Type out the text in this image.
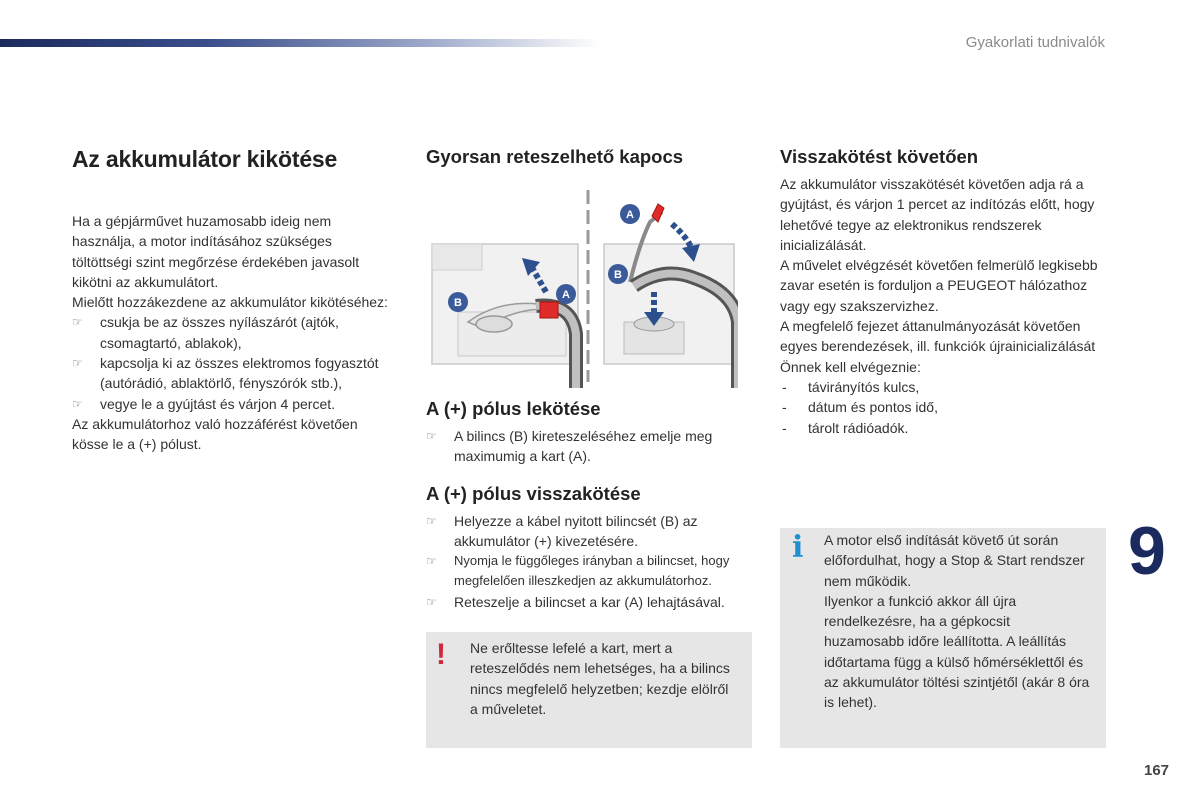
Gyakorlati tudnivalók
Az akkumulátor kikötése

Ha a gépjárművet huzamosabb ideig nem használja, a motor indításához szükséges töltöttségi szint megőrzése érdekében javasolt kikötni az akkumulátort.

Mielőtt hozzákezdene az akkumulátor kikötéséhez:

☞ csukja be az összes nyílászárót (ajtók, csomagtartó, ablakok),
☞ kapcsolja ki az összes elektromos fogyasztót (autórádió, ablaktörlő, fényszórók stb.),
☞ vegye le a gyújtást és várjon 4 percet.

Az akkumulátorhoz való hozzáférést követően kösse le a (+) pólust.

Gyorsan reteszelhető kapocs
B
A
A
B
A (+) pólus lekötése
☞ A bilincs (B) kireteszeléséhez emelje meg maximumig a kart (A).
A (+) pólus visszakötése
☞ Helyezze a kábel nyitott bilincsét (B) az akkumulátor (+) kivezetésére.
☞ Nyomja le függőleges irányban a bilincset, hogy megfelelően illeszkedjen az akkumulátorhoz.
☞ Reteszelje a bilincset a kar (A) lehajtásával.
! Ne erőltesse lefelé a kart, mert a reteszelődés nem lehetséges, ha a bilincs nincs megfelelő helyzetben; kezdje elölről a műveletet.

Visszakötést követően

Az akkumulátor visszakötését követően adja rá a gyújtást, és várjon 1 percet az indítózás előtt, hogy lehetővé tegye az elektronikus rendszerek inicializálását.

A művelet elvégzését követően felmerülő legkisebb zavar esetén is forduljon a PEUGEOT hálózathoz vagy egy szakszervizhez.

A megfelelő fejezet áttanulmányozását követően egyes berendezések, ill. funkciók újrainicializálását Önnek kell elvégeznie:

- távirányítós kulcs,
- dátum és pontos idő,
- tárolt rádióadók.
i A motor első indítását követő út során előfordulhat, hogy a Stop & Start rendszer nem működik.

Ilyenkor a funkció akkor áll újra rendelkezésre, ha a gépkocsit huzamosabb időre leállította. A leállítás időtartama függ a külső hőmérséklettől és az akkumulátor töltési szintjétől (akár 8 óra is lehet).

9
167
